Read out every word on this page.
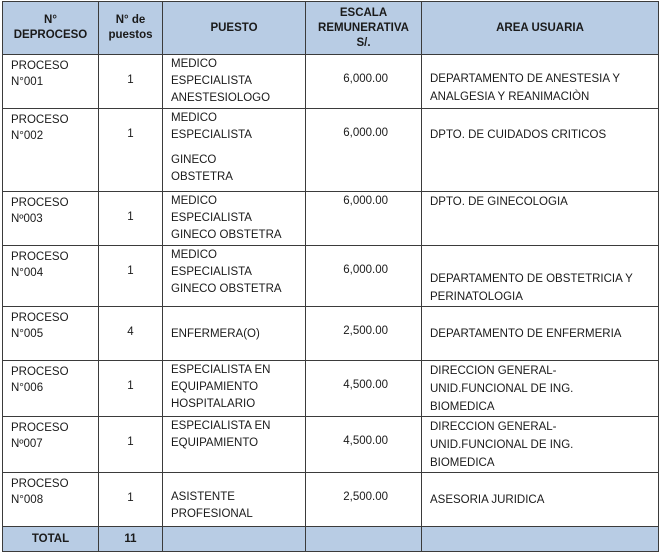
N°
DEPROCESO	N° de
puestos	PUESTO	ESCALA
REMUNERATIVA
S/.	AREA USUARIA

PROCESO
N°001	1	MEDICO
ESPECIALISTA
ANESTESIOLOGO	6,000.00	DEPARTAMENTO DE ANESTESIA Y
ANALGESIA Y REANIMACIÒN

PROCESO
N°002	1	MEDICO
ESPECIALISTA
GINECO
OBSTETRA	6,000.00	DPTO. DE CUIDADOS CRITICOS

PROCESO
Nº003	1	MEDICO
ESPECIALISTA
GINECO OBSTETRA	6,000.00	DPTO. DE GINECOLOGIA

PROCESO
N°004	1	MEDICO
ESPECIALISTA
GINECO OBSTETRA	6,000.00	DEPARTAMENTO DE OBSTETRICIA Y
PERINATOLOGIA

PROCESO
N°005	4	ENFERMERA(O)	2,500.00	DEPARTAMENTO DE ENFERMERIA

PROCESO
N°006	1	ESPECIALISTA EN
EQUIPAMIENTO
HOSPITALARIO	4,500.00	DIRECCION GENERAL-
UNID.FUNCIONAL DE ING.
BIOMEDICA

PROCESO
Nº007	1	ESPECIALISTA EN
EQUIPAMIENTO	4,500.00	DIRECCION GENERAL-
UNID.FUNCIONAL DE ING.
BIOMEDICA

PROCESO
N°008	1	ASISTENTE
PROFESIONAL	2,500.00	ASESORIA JURIDICA

TOTAL	11			
